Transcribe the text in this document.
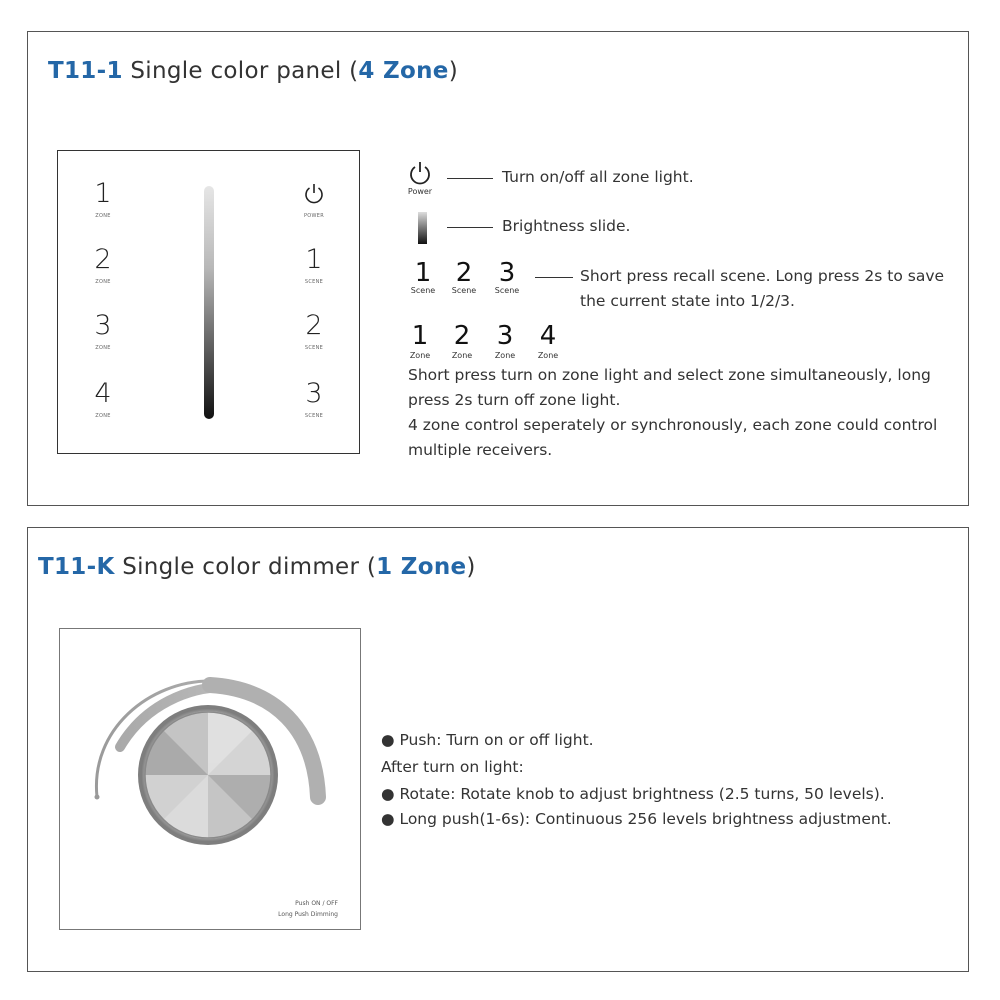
T11-1 Single color panel (4 Zone)
1
ZONE
2
ZONE
3
ZONE
4
ZONE
POWER
1
SCENE
2
SCENE
3
SCENE
Power
Turn on/off all zone light.
Brightness slide.
1
Scene
2
Scene
3
Scene
Short press recall scene. Long press 2s to save
the current state into 1/2/3.
1
Zone
2
Zone
3
Zone
4
Zone
Short press turn on zone light and select zone simultaneously, long
press 2s turn off zone light.
4 zone control seperately or synchronously, each zone could control
multiple receivers.
T11-K Single color dimmer (1 Zone)
Push ON / OFF
Long Push Dimming
● Push: Turn on or off light.
After turn on light:
● Rotate: Rotate knob to adjust brightness (2.5 turns, 50 levels).
● Long push(1-6s): Continuous 256 levels brightness adjustment.
